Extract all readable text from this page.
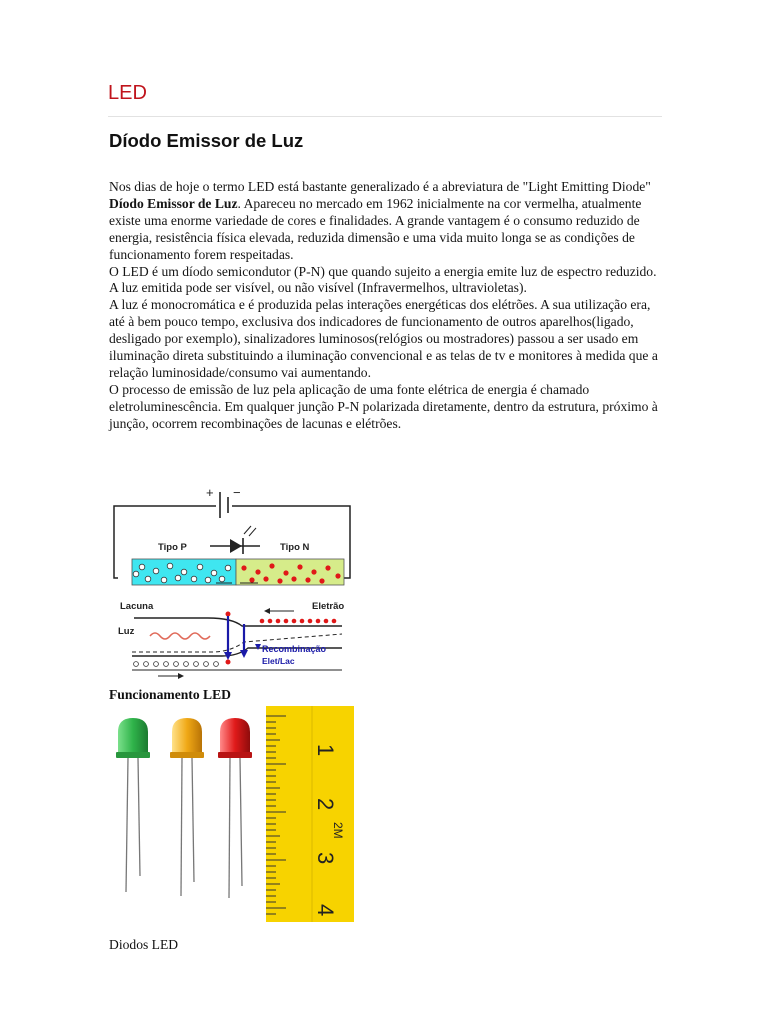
LED
Díodo Emissor de Luz

Nos dias de hoje o termo LED está bastante generalizado é a abreviatura de "Light Emitting Diode" Díodo Emissor de Luz. Apareceu no mercado em 1962 inicialmente na cor vermelha, atualmente existe uma enorme variedade de cores e finalidades. A grande vantagem é o consumo reduzido de energia, resistência física elevada, reduzida dimensão e uma vida muito longa se as condições de funcionamento forem respeitadas.

O LED é um díodo semicondutor (P-N) que quando sujeito a energia emite luz de espectro reduzido. A luz emitida pode ser visível, ou não visível (Infravermelhos, ultravioletas).

A luz é monocromática e é produzida pelas interações energéticas dos elétrões. A sua utilização era, até à bem pouco tempo, exclusiva dos indicadores de funcionamento de outros aparelhos(ligado, desligado por exemplo), sinalizadores luminosos(relógios ou mostradores) passou a ser usado em iluminação direta substituindo a iluminação convencional e as telas de tv e monitores à medida que a relação luminosidade/consumo vai aumentando.

O processo de emissão de luz pela aplicação de uma fonte elétrica de energia é chamado eletroluminescência. Em qualquer junção P-N polarizada diretamente, dentro da estrutura, próximo à junção, ocorrem recombinações de lacunas e elétrões.

+ −
Tipo P	Tipo N
Lacuna	Eletrão
Luz
Recombinação
Elet/Lac
Funcionamento LED
1
2
3
4
2M
Diodos LED
